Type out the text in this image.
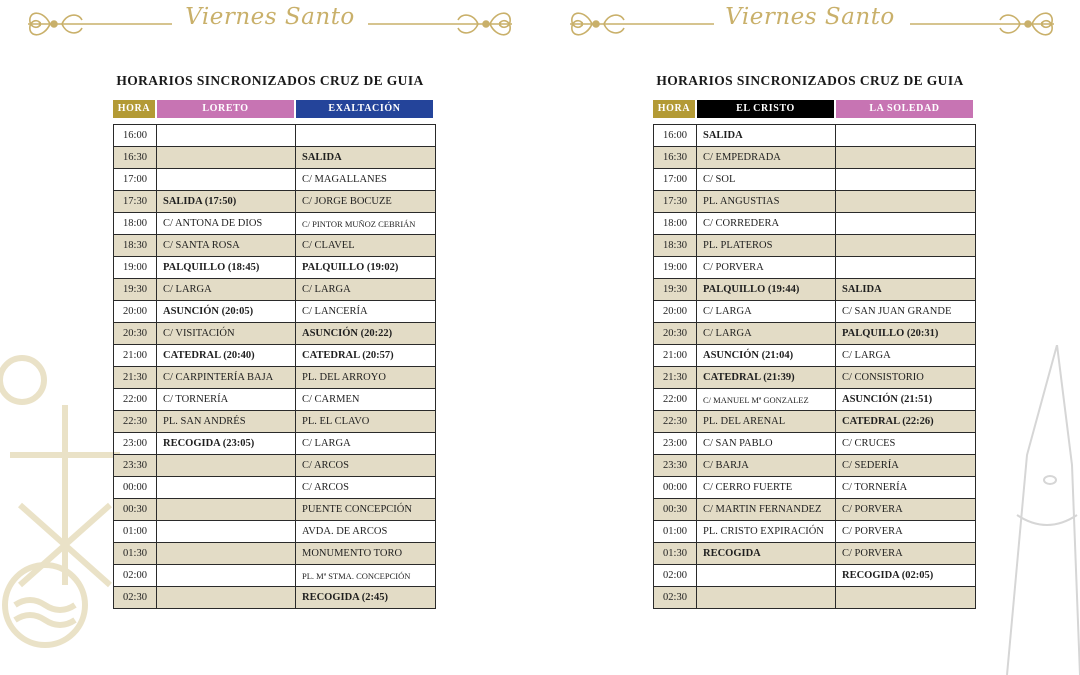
Viernes Santo
HORARIOS SINCRONIZADOS CRUZ DE GUIA
HORA	LORETO	EXALTACIÓN
16:00		
16:30		SALIDA
17:00		C/ MAGALLANES
17:30	SALIDA (17:50)	C/ JORGE BOCUZE
18:00	C/ ANTONA DE DIOS	C/ PINTOR MUÑOZ CEBRIÁN
18:30	C/ SANTA ROSA	C/ CLAVEL
19:00	PALQUILLO (18:45)	PALQUILLO (19:02)
19:30	C/ LARGA	C/ LARGA
20:00	ASUNCIÓN (20:05)	C/ LANCERÍA
20:30	C/ VISITACIÓN	ASUNCIÓN (20:22)
21:00	CATEDRAL (20:40)	CATEDRAL (20:57)
21:30	C/ CARPINTERÍA BAJA	PL. DEL ARROYO
22:00	C/ TORNERÍA	C/ CARMEN
22:30	PL. SAN ANDRÉS	PL. EL CLAVO
23:00	RECOGIDA (23:05)	C/ LARGA
23:30		C/ ARCOS
00:00		C/ ARCOS
00:30		PUENTE CONCEPCIÓN
01:00		AVDA. DE ARCOS
01:30		MONUMENTO TORO
02:00		PL. Mª STMA. CONCEPCIÓN
02:30		RECOGIDA (2:45)
Viernes Santo
HORARIOS SINCRONIZADOS CRUZ DE GUIA
HORA	EL CRISTO	LA SOLEDAD
16:00	SALIDA	
16:30	C/ EMPEDRADA	
17:00	C/ SOL	
17:30	PL. ANGUSTIAS	
18:00	C/ CORREDERA	
18:30	PL. PLATEROS	
19:00	C/ PORVERA	
19:30	PALQUILLO (19:44)	SALIDA
20:00	C/ LARGA	C/ SAN JUAN GRANDE
20:30	C/ LARGA	PALQUILLO (20:31)
21:00	ASUNCIÓN (21:04)	C/ LARGA
21:30	CATEDRAL (21:39)	C/ CONSISTORIO
22:00	C/ MANUEL Mª GONZALEZ	ASUNCIÓN (21:51)
22:30	PL. DEL ARENAL	CATEDRAL (22:26)
23:00	C/ SAN PABLO	C/ CRUCES
23:30	C/ BARJA	C/ SEDERÍA
00:00	C/ CERRO FUERTE	C/ TORNERÍA
00:30	C/ MARTIN FERNANDEZ	C/ PORVERA
01:00	PL. CRISTO EXPIRACIÓN	C/ PORVERA
01:30	RECOGIDA	C/ PORVERA
02:00		RECOGIDA (02:05)
02:30		
